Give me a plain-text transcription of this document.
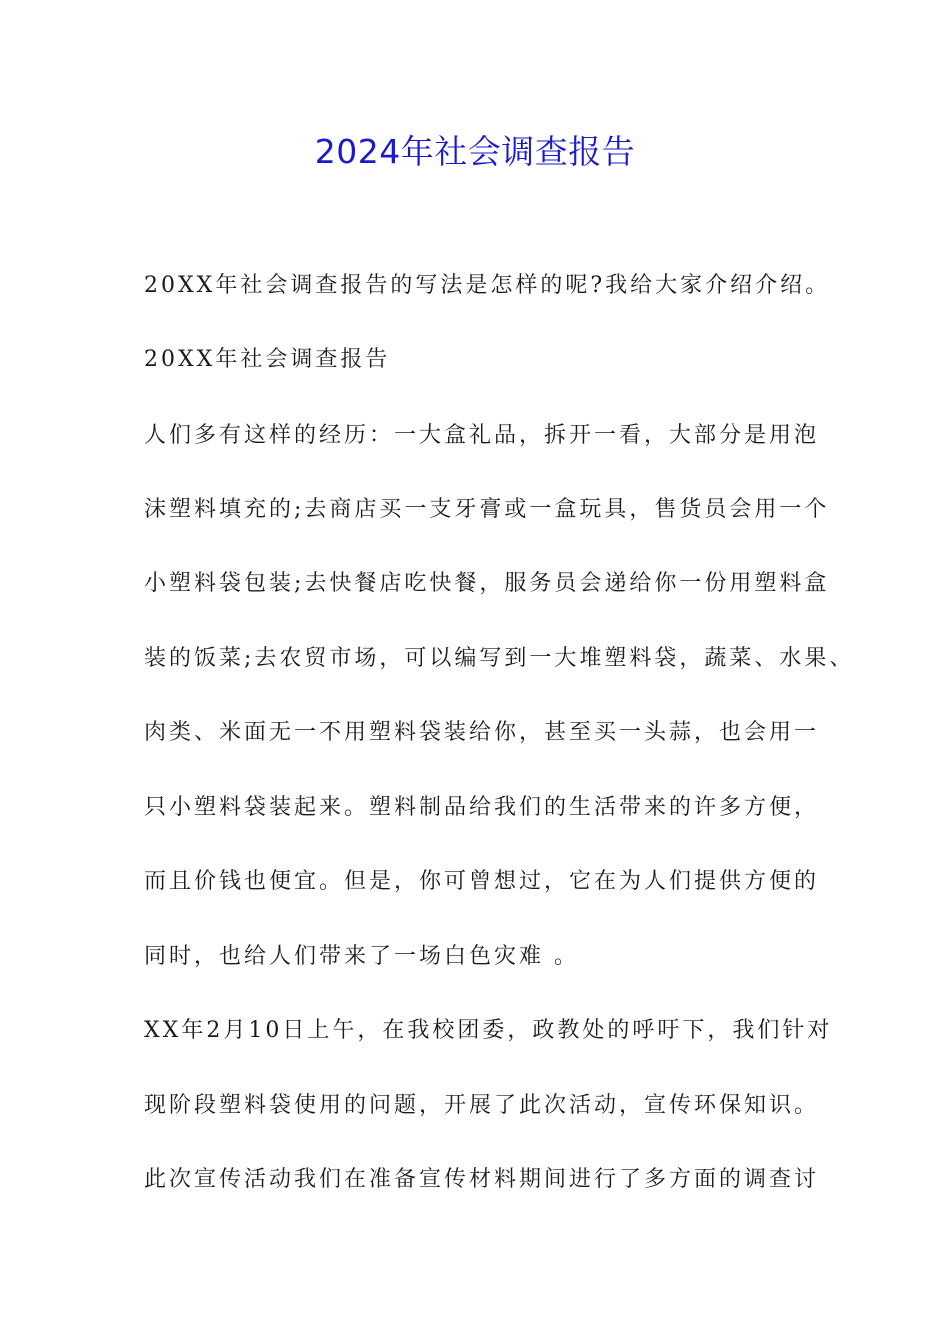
2024年社会调查报告
20XX年社会调查报告的写法是怎样的呢?我给大家介绍介绍。
20XX年社会调查报告
人们多有这样的经历：一大盒礼品，拆开一看，大部分是用泡
沫塑料填充的;去商店买一支牙膏或一盒玩具，售货员会用一个
小塑料袋包装;去快餐店吃快餐，服务员会递给你一份用塑料盒
装的饭菜;去农贸市场，可以编写到一大堆塑料袋，蔬菜、水果、
肉类、米面无一不用塑料袋装给你，甚至买一头蒜，也会用一
只小塑料袋装起来。塑料制品给我们的生活带来的许多方便，
而且价钱也便宜。但是，你可曾想过，它在为人们提供方便的
同时，也给人们带来了一场白色灾难 。
XX年2月10日上午，在我校团委，政教处的呼吁下，我们针对
现阶段塑料袋使用的问题，开展了此次活动，宣传环保知识。
此次宣传活动我们在准备宣传材料期间进行了多方面的调查讨
